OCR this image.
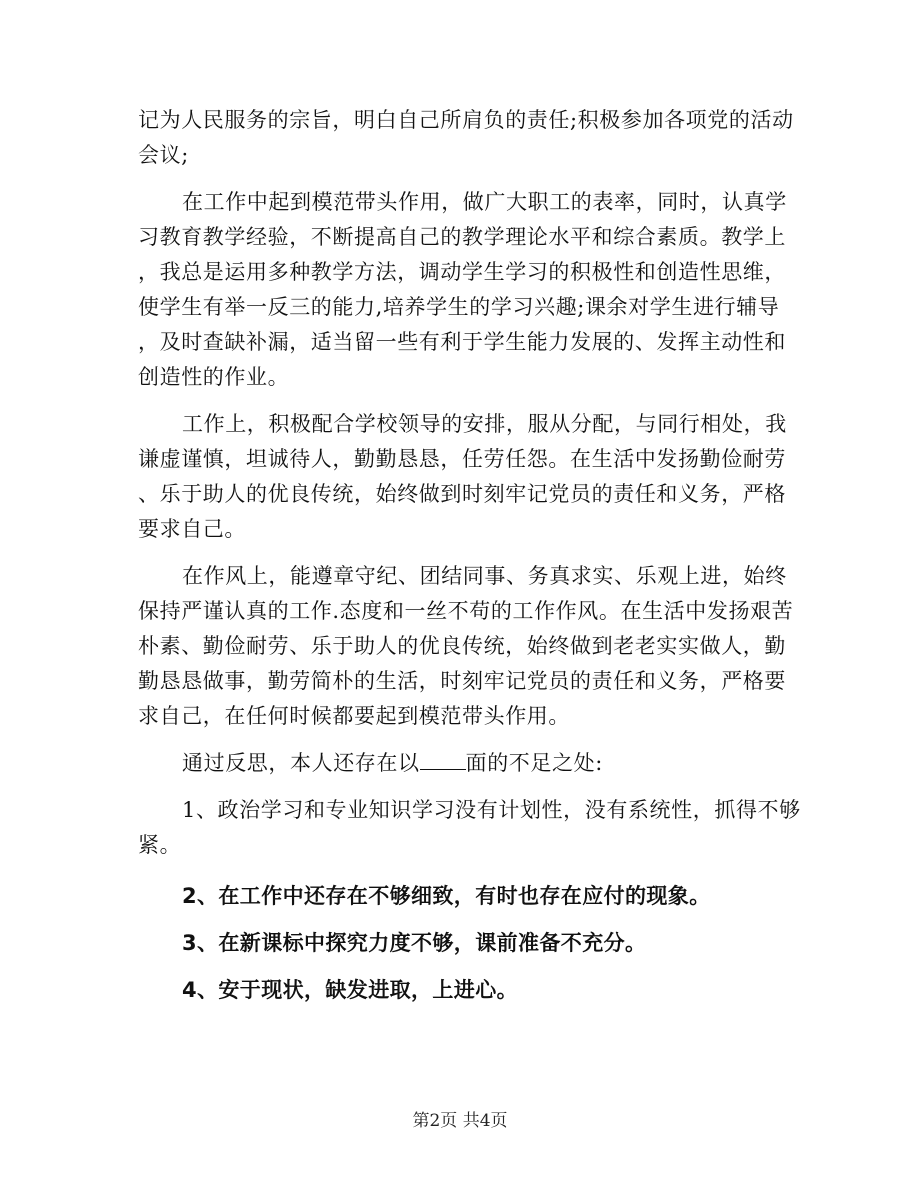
记为人民服务的宗旨，明白自己所肩负的责任;积极参加各项党的活动
会议;
在工作中起到模范带头作用，做广大职工的表率，同时，认真学
习教育教学经验，不断提高自己的教学理论水平和综合素质。教学上
，我总是运用多种教学方法，调动学生学习的积极性和创造性思维，
使学生有举一反三的能力,培养学生的学习兴趣;课余对学生进行辅导
，及时查缺补漏，适当留一些有利于学生能力发展的、发挥主动性和
创造性的作业。
工作上，积极配合学校领导的安排，服从分配，与同行相处，我
谦虚谨慎，坦诚待人，勤勤恳恳，任劳任怨。在生活中发扬勤俭耐劳
、乐于助人的优良传统，始终做到时刻牢记党员的责任和义务，严格
要求自己。
在作风上，能遵章守纪、团结同事、务真求实、乐观上进，始终
保持严谨认真的工作.态度和一丝不苟的工作作风。在生活中发扬艰苦
朴素、勤俭耐劳、乐于助人的优良传统，始终做到老老实实做人，勤
勤恳恳做事，勤劳简朴的生活，时刻牢记党员的责任和义务，严格要
求自己，在任何时候都要起到模范带头作用。
通过反思，本人还存在以 面的不足之处:
1、政治学习和专业知识学习没有计划性，没有系统性，抓得不够
紧。
2、在工作中还存在不够细致，有时也存在应付的现象。
3、在新课标中探究力度不够，课前准备不充分。
4、安于现状，缺发进取，上进心。
第2页 共4页
